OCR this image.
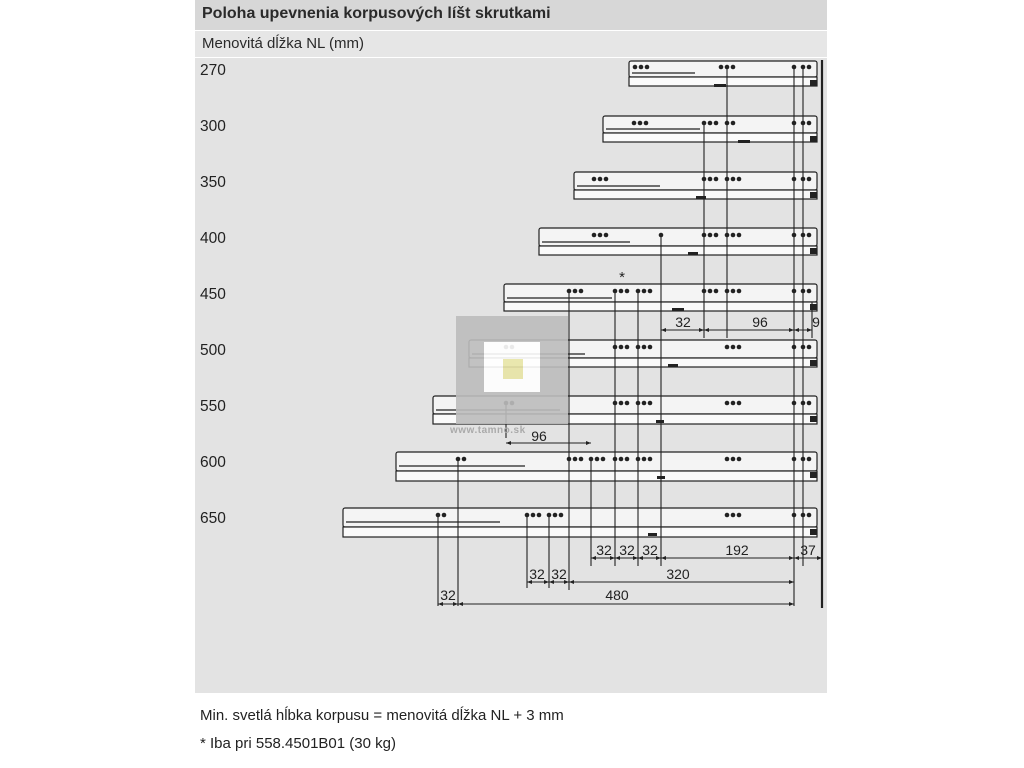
Poloha upevnenia korpusových líšt skrutkami
Menovitá dĺžka NL (mm)
270
300
350
400
450
500
550
600
650
32	96	9
96
32 32 32	192	37
32 32	320
32	480
*
www.tamno.sk
Min. svetlá hĺbka korpusu = menovitá dĺžka NL + 3 mm
* Iba pri 558.4501B01 (30 kg)
